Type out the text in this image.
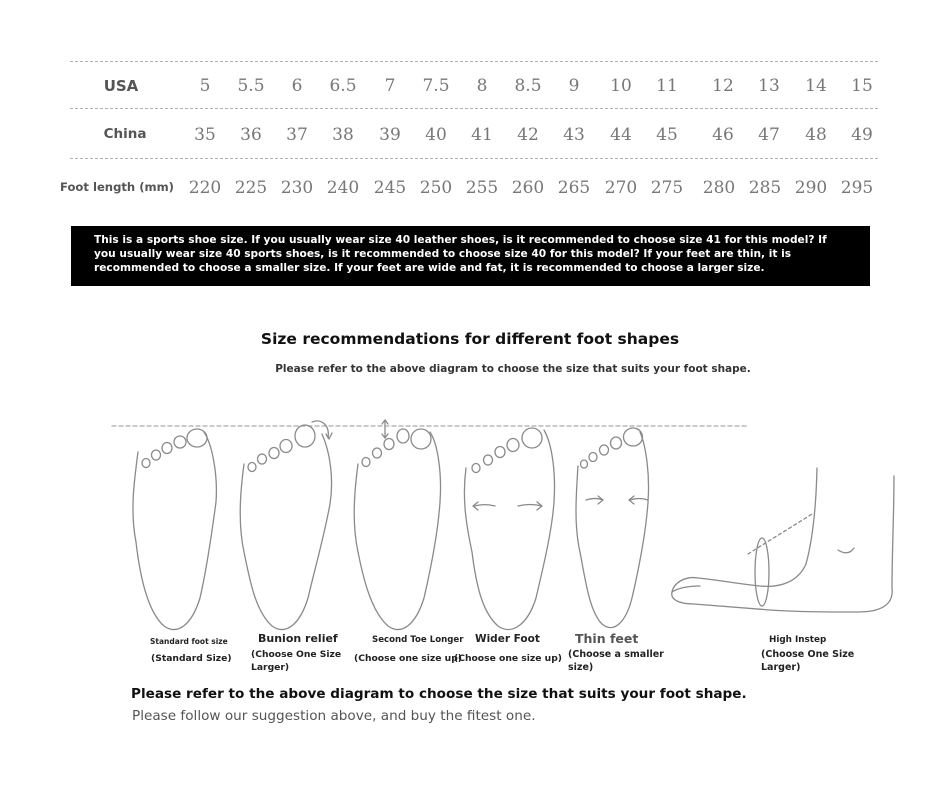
USA	5	5.5	6	6.5	7	7.5	8	8.5	9	10	11	12	13	14	15
China	35	36	37	38	39	40	41	42	43	44	45	46	47	48	49
Foot length (mm) 220 225 230 240 245 250 255 260 265 270 275	280 285 290 295

This is a sports shoe size. If you usually wear size 40 leather shoes, is it recommended to choose size 41 for this model? If you usually wear size 40 sports shoes, is it recommended to choose size 40 for this model? If your feet are thin, it is recommended to choose a smaller size. If your feet are wide and fat, it is recommended to choose a larger size.

Size recommendations for different foot shapes
Please refer to the above diagram to choose the size that suits your foot shape.
Standard foot size
(Standard Size)
Bunion relief
(Choose One Size Larger)
Second Toe Longer
(Choose one size up)
Wider Foot
(Choose one size up)
Thin feet
(Choose a smaller size)
High Instep
(Choose One Size Larger)
Please refer to the above diagram to choose the size that suits your foot shape.
Please follow our suggestion above, and buy the fitest one.
